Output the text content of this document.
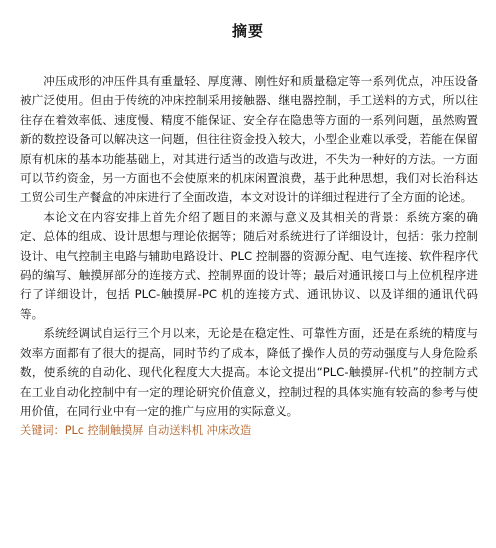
摘要

冲压成形的冲压件具有重量轻、厚度薄、刚性好和质量稳定等一系列优点，冲压设备被广泛使用。但由于传统的冲床控制采用接触器、继电器控制，手工送料的方式，所以往往存在着效率低、速度慢、精度不能保证、安全存在隐患等方面的一系列问题，虽然购置新的数控设备可以解决这一问题，但往往资金投入较大，小型企业难以承受，若能在保留原有机床的基本功能基础上，对其进行适当的改造与改进，不失为一种好的方法。一方面可以节约资金，另一方面也不会使原来的机床闲置浪费，基于此种思想，我们对长治科达工贸公司生产餐盒的冲床进行了全面改造，本文对设计的详细过程进行了全方面的论述。

本论文在内容安排上首先介绍了题目的来源与意义及其相关的背景：系统方案的确定、总体的组成、设计思想与理论依据等；随后对系统进行了详细设计，包括：张力控制设计、电气控制主电路与辅助电路设计、PLC 控制器的资源分配、电气连接、软件程序代码的编写、触摸屏部分的连接方式、控制界面的设计等；最后对通讯接口与上位机程序进行了详细设计，包括 PLC-触摸屏-PC 机的连接方式、通讯协议、以及详细的通讯代码等。

系统经调试自运行三个月以来，无论是在稳定性、可靠性方面，还是在系统的精度与效率方面都有了很大的提高，同时节约了成本，降低了操作人员的劳动强度与人身危险系数，使系统的自动化、现代化程度大大提高。本论文提出“PLC-触摸屏-代机”的控制方式在工业自动化控制中有一定的理论研究价值意义，控制过程的具体实施有较高的参考与使用价值，在同行业中有一定的推广与应用的实际意义。

关键词：PLc 控制触摸屏 自动送料机 冲床改造
